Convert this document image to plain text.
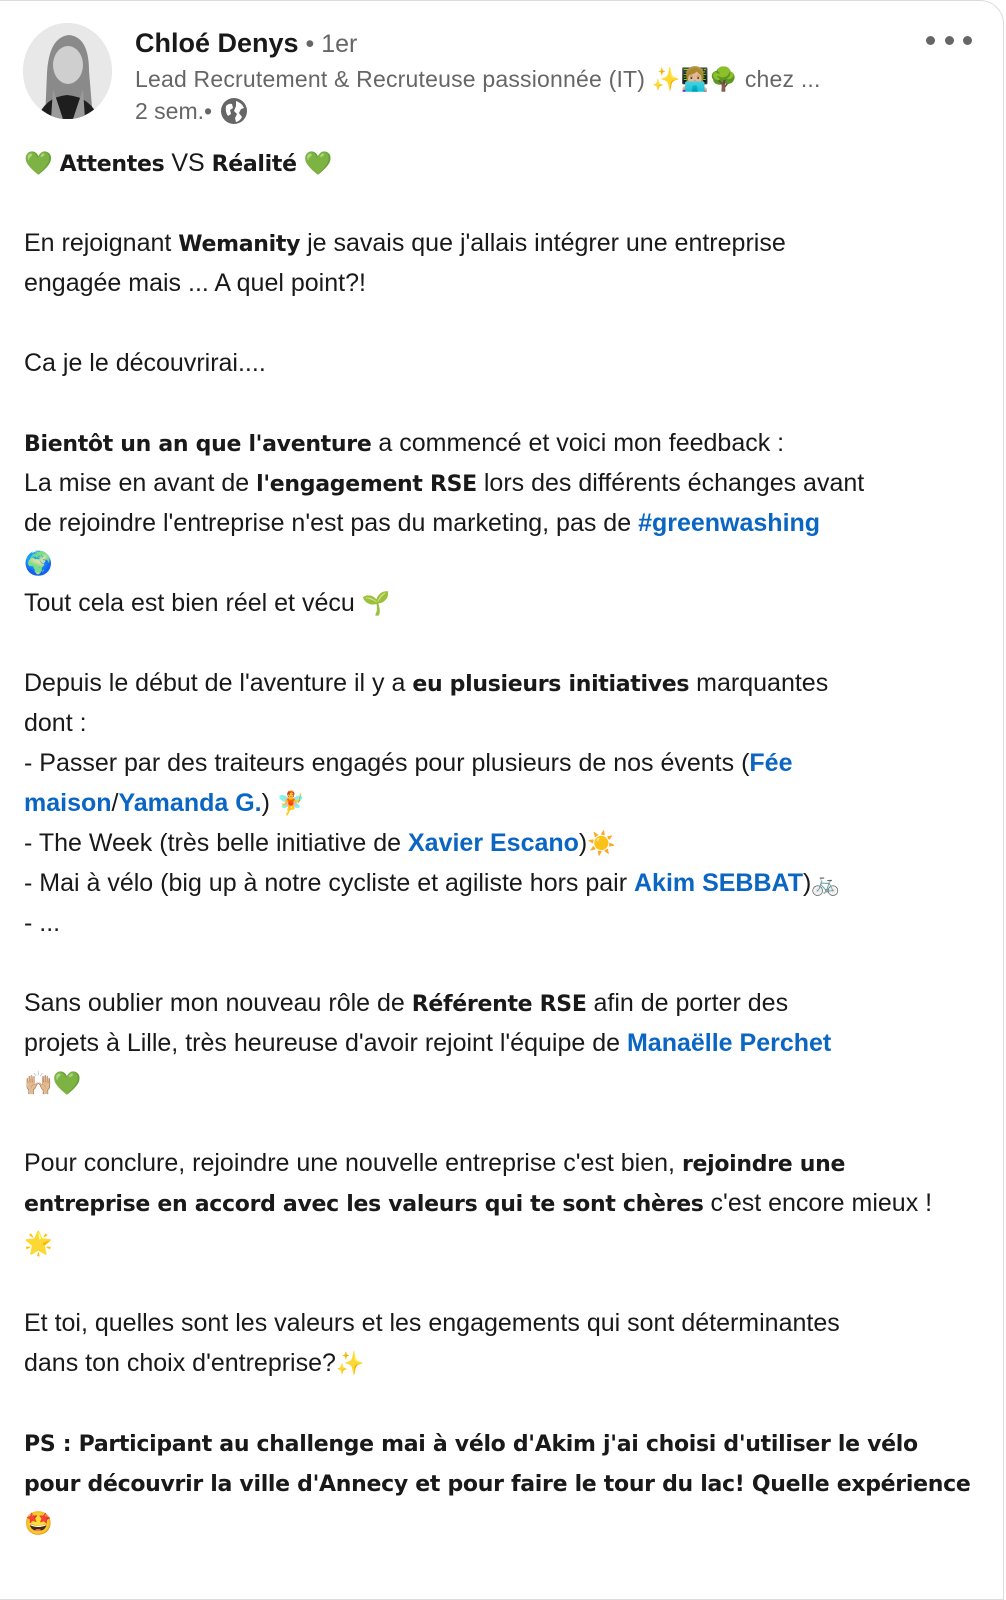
Chloé Denys • 1er
Lead Recrutement & Recruteuse passionnée (IT) ✨👩🏼‍💻🌳 chez ...
2 sem. •
💚 Attentes VS Réalité 💚
En rejoignant Wemanity je savais que j'allais intégrer une entreprise
engagée mais ... A quel point?!
Ca je le découvrirai....
Bientôt un an que l'aventure a commencé et voici mon feedback :
La mise en avant de l'engagement RSE lors des différents échanges avant
de rejoindre l'entreprise n'est pas du marketing, pas de #greenwashing
🌍
Tout cela est bien réel et vécu 🌱
Depuis le début de l'aventure il y a eu plusieurs initiatives marquantes
dont :
- Passer par des traiteurs engagés pour plusieurs de nos évents (Fée
maison/Yamanda G.) 🧚
- The Week (très belle initiative de Xavier Escano)☀️
- Mai à vélo (big up à notre cycliste et agiliste hors pair Akim SEBBAT)🚲
- ...
Sans oublier mon nouveau rôle de Référente RSE afin de porter des
projets à Lille, très heureuse d'avoir rejoint l'équipe de Manaëlle Perchet
🙌🏼💚
Pour conclure, rejoindre une nouvelle entreprise c'est bien, rejoindre une
entreprise en accord avec les valeurs qui te sont chères c'est encore mieux !
🌟
Et toi, quelles sont les valeurs et les engagements qui sont déterminantes
dans ton choix d'entreprise?✨
PS : Participant au challenge mai à vélo d'Akim j'ai choisi d'utiliser le vélo
pour découvrir la ville d'Annecy et pour faire le tour du lac! Quelle expérience
🤩
